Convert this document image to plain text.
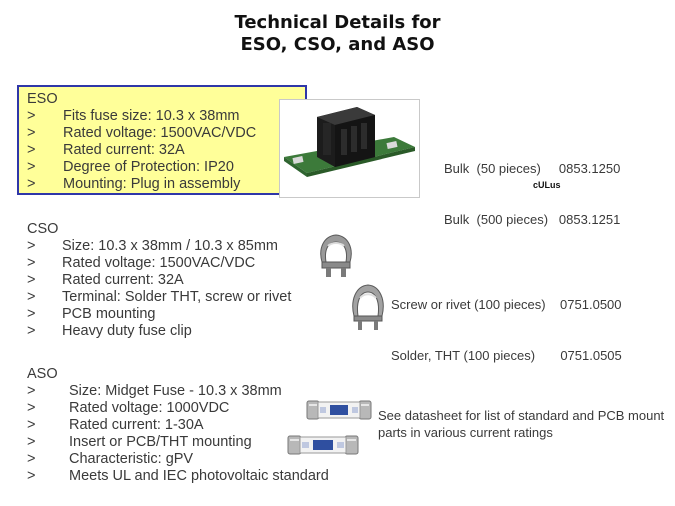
Technical Details for
ESO, CSO, and ASO
ESO
>	Fits fuse size: 10.3 x 38mm
>	Rated voltage: 1500VAC/VDC
>	Rated current: 32A
>	Degree of Protection: IP20
>	Mounting: Plug in assembly

Bulk  (50 pieces)     0853.1250

Bulk  (500 pieces)   0853.1251

cULus
CSO
>	Size: 10.3 x 38mm / 10.3 x 85mm
>	Rated voltage: 1500VAC/VDC
>	Rated current: 32A
>	Terminal: Solder THT, screw or rivet
>	PCB mounting
>	Heavy duty fuse clip

Screw or rivet (100 pieces)    0751.0500

Solder, THT (100 pieces)       0751.0505

ASO
>	Size: Midget Fuse - 10.3 x 38mm
>	Rated voltage: 1000VDC
>	Rated current: 1-30A
>	Insert or PCB/THT mounting
>	Characteristic: gPV
>	Meets UL and IEC photovoltaic standard
See datasheet for list of standard and PCB mount parts in various current ratings
